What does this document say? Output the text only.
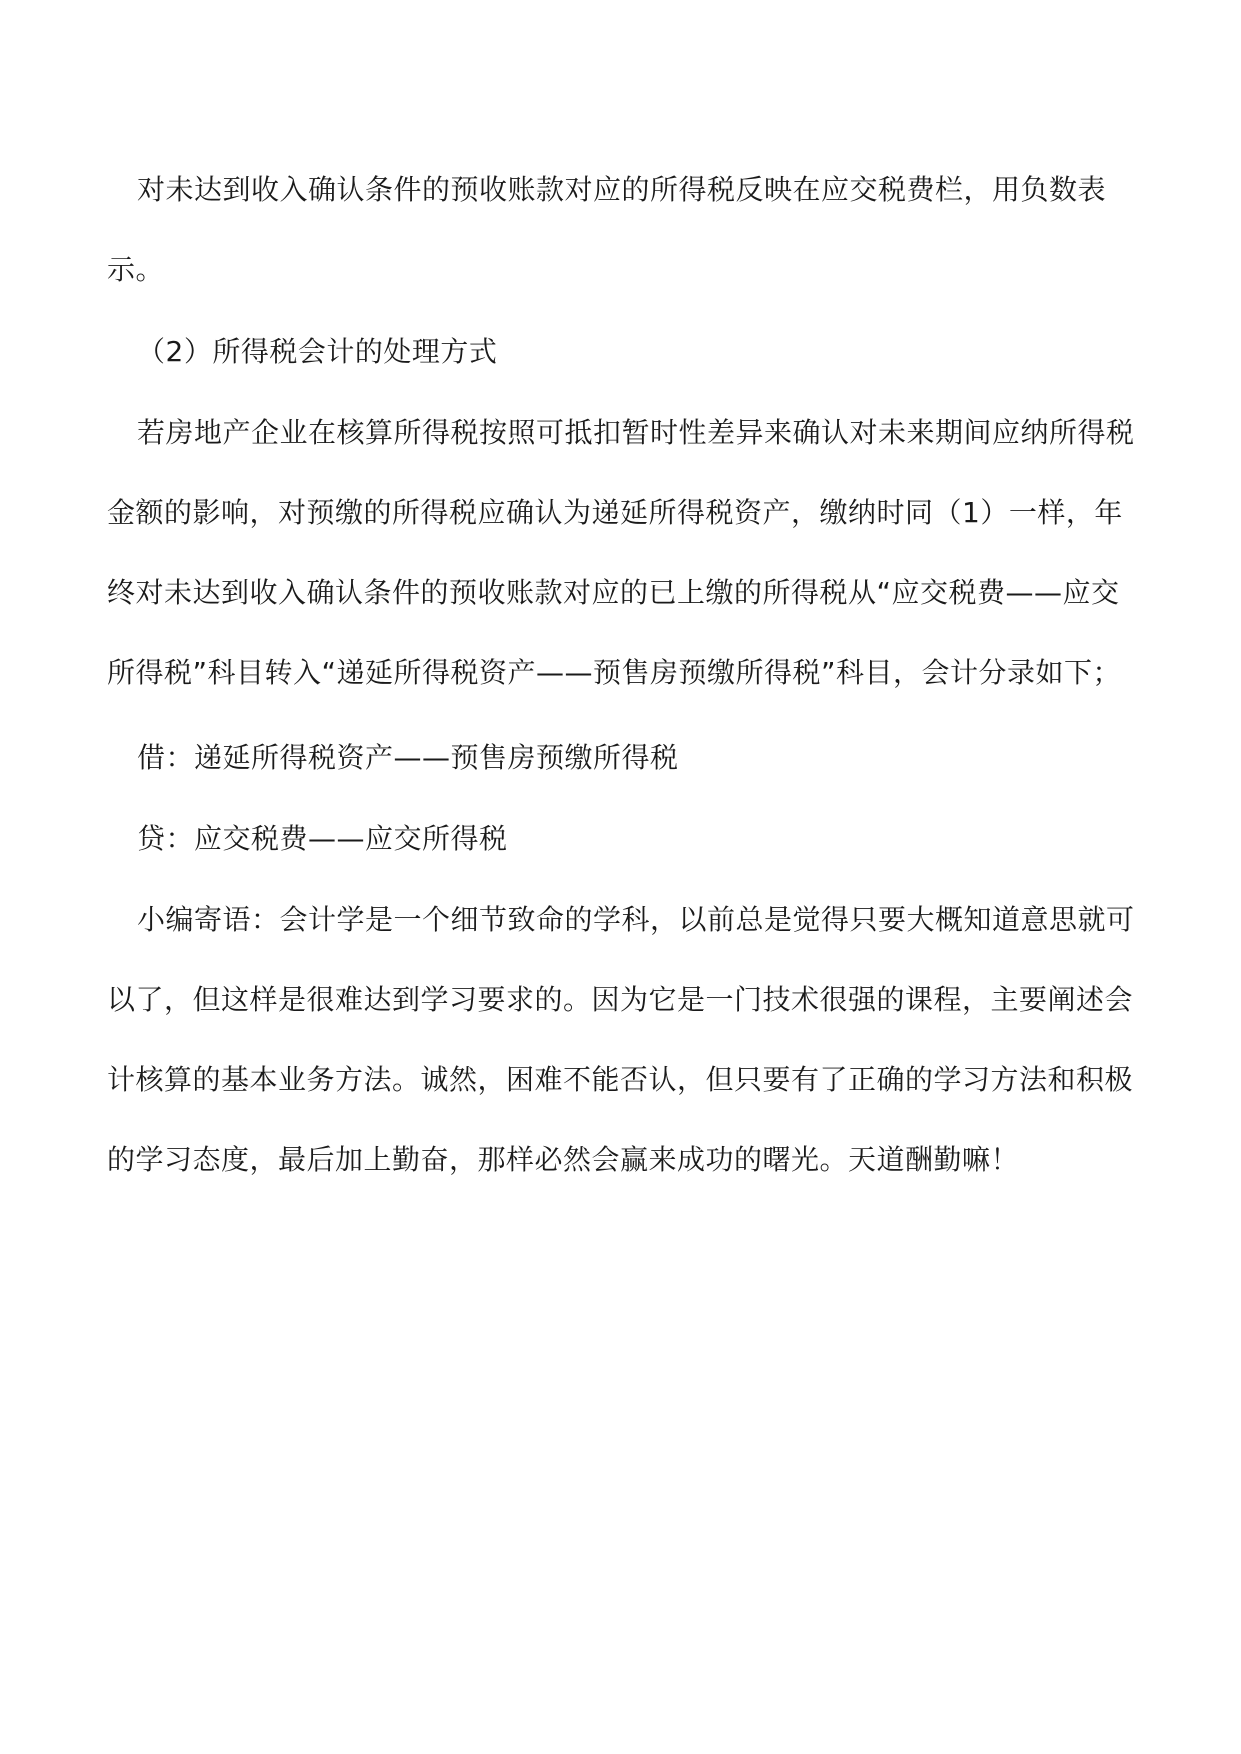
对未达到收入确认条件的预收账款对应的所得税反映在应交税费栏，用负数表示。

（2）所得税会计的处理方式

若房地产企业在核算所得税按照可抵扣暂时性差异来确认对未来期间应纳所得税金额的影响，对预缴的所得税应确认为递延所得税资产，缴纳时同（1）一样，年终对未达到收入确认条件的预收账款对应的已上缴的所得税从“应交税费——应交所得税”科目转入“递延所得税资产——预售房预缴所得税”科目，会计分录如下；

借：递延所得税资产——预售房预缴所得税

贷：应交税费——应交所得税

小编寄语：会计学是一个细节致命的学科，以前总是觉得只要大概知道意思就可以了，但这样是很难达到学习要求的。因为它是一门技术很强的课程，主要阐述会计核算的基本业务方法。诚然，困难不能否认，但只要有了正确的学习方法和积极的学习态度，最后加上勤奋，那样必然会赢来成功的曙光。天道酬勤嘛！
